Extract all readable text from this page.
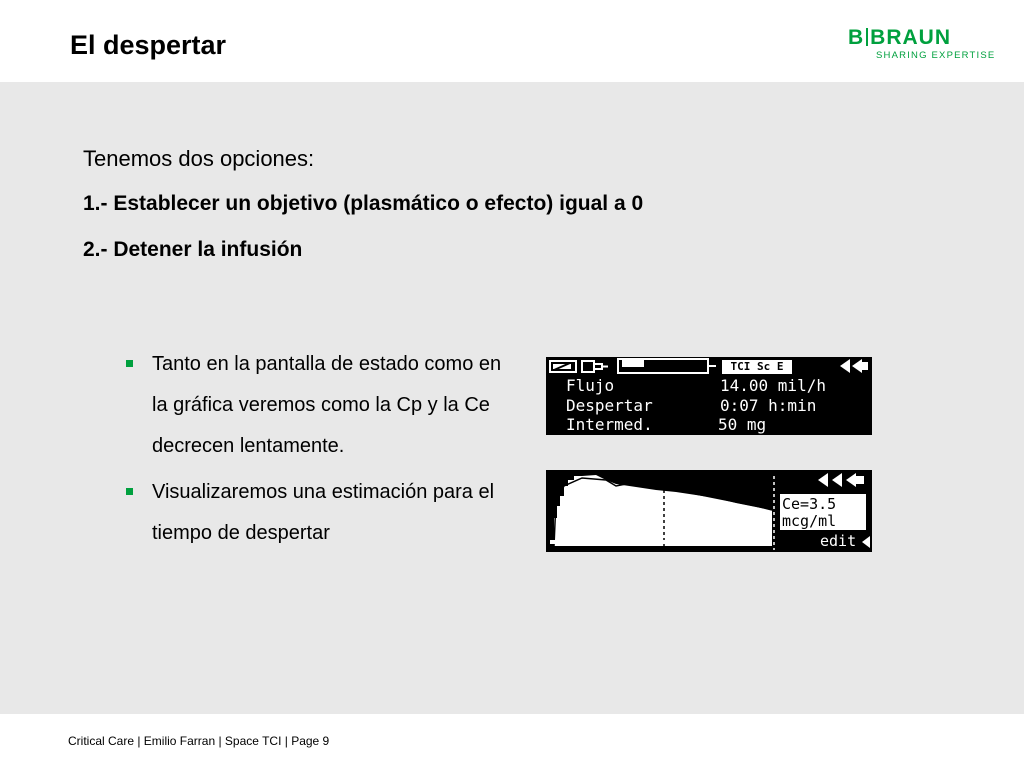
El despertar	B BRAUN
SHARING EXPERTISE
Tenemos dos opciones:
1.- Establecer un objetivo (plasmático o efecto) igual a 0
2.- Detener la infusión
Tanto en la pantalla de estado como en la gráfica veremos como la Cp y la Ce decrecen lentamente.
Visualizaremos una estimación para el tiempo de despertar
TCI Sc E
Flujo	14.00 mil/h
Despertar	0:07 h:min
Intermed.	50 mg
Ce=3.5
mcg/ml
edit
Critical Care | Emilio Farran | Space TCI | Page 9
